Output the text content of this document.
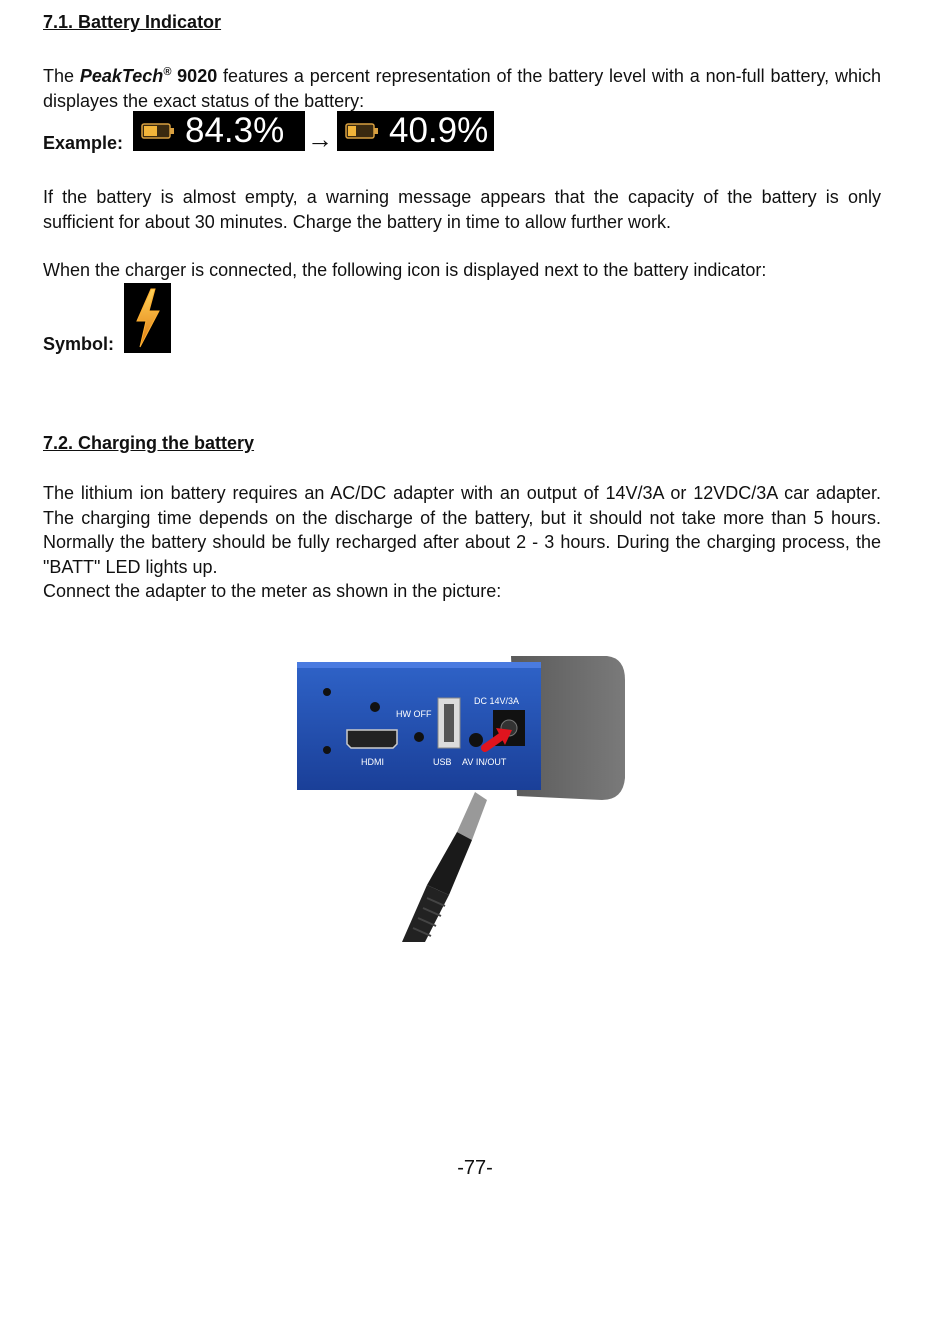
7.1. Battery Indicator
The PeakTech® 9020 features a percent representation of the battery level with a non-full battery, which displayes the exact status of the battery:
Example: 84.3% → 40.9%
If the battery is almost empty, a warning message appears that the capacity of the battery is only sufficient for about 30 minutes. Charge the battery in time to allow further work.
When the charger is connected, the following icon is displayed next to the battery indicator:
Symbol:
7.2. Charging the battery
The lithium ion battery requires an AC/DC adapter with an output of 14V/3A or 12VDC/3A car adapter. The charging time depends on the discharge of the battery, but it should not take more than 5 hours. Normally the battery should be fully recharged after about 2 - 3 hours. During the charging process, the "BATT" LED lights up.
Connect the adapter to the meter as shown in the picture:
HW OFF
DC 14V/3A
HDMI	USB AV IN/OUT
-77-
